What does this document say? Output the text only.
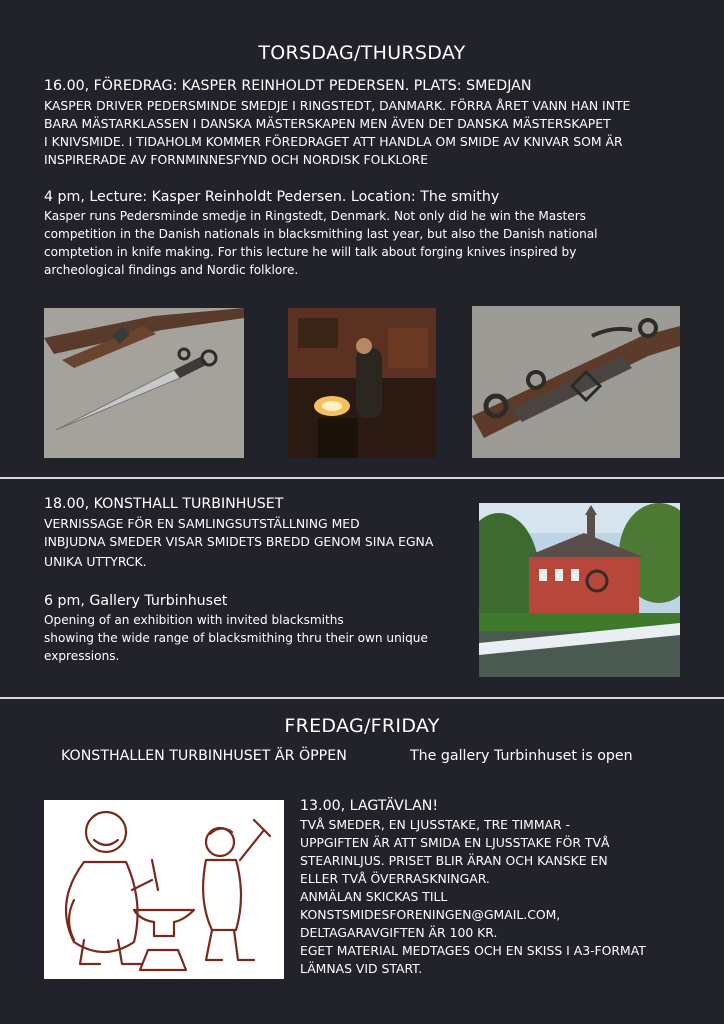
TORSDAG/THURSDAY
16.00, FÖREDRAG: KASPER REINHOLDT PEDERSEN. PLATS: SMEDJAN
KASPER DRIVER PEDERSMINDE SMEDJE I RINGSTEDT, DANMARK. FÖRRA ÅRET VANN HAN INTE
BARA MÄSTARKLASSEN I DANSKA MÄSTERSKAPEN MEN ÄVEN DET DANSKA MÄSTERSKAPET
I KNIVSMIDE. I TIDAHOLM KOMMER FÖREDRAGET ATT HANDLA OM SMIDE AV KNIVAR SOM ÄR
INSPIRERADE AV FORNMINNESFYND OCH NORDISK FOLKLORE
4 pm, Lecture: Kasper Reinholdt Pedersen. Location: The smithy
Kasper runs Pedersminde smedje in Ringstedt, Denmark. Not only did he win the Masters
competition in the Danish nationals in blacksmithing last year, but also the Danish national
comptetion in knife making. For this lecture he will talk about forging knives inspired by
archeological findings and Nordic folklore.
18.00, KONSTHALL TURBINHUSET
VERNISSAGE FÖR EN SAMLINGSUTSTÄLLNING MED
INBJUDNA SMEDER VISAR SMIDETS BREDD GENOM SINA EGNA
UNIKA UTTYRCK.
6 pm, Gallery Turbinhuset
Opening of an exhibition with invited blacksmiths
showing the wide range of blacksmithing thru their own unique
expressions.
FREDAG/FRIDAY
KONSTHALLEN TURBINHUSET ÄR ÖPPEN	The gallery Turbinhuset is open
13.00, LAGTÄVLAN!
TVÅ SMEDER, EN LJUSSTAKE, TRE TIMMAR -
UPPGIFTEN ÄR ATT SMIDA EN LJUSSTAKE FÖR TVÅ
STEARINLJUS. PRISET BLIR ÄRAN OCH KANSKE EN
ELLER TVÅ ÖVERRASKNINGAR.
ANMÄLAN SKICKAS TILL
KONSTSMIDESFORENINGEN@GMAIL.COM,
DELTAGARAVGIFTEN ÄR 100 KR.
EGET MATERIAL MEDTAGES OCH EN SKISS I A3-FORMAT
LÄMNAS VID START.
